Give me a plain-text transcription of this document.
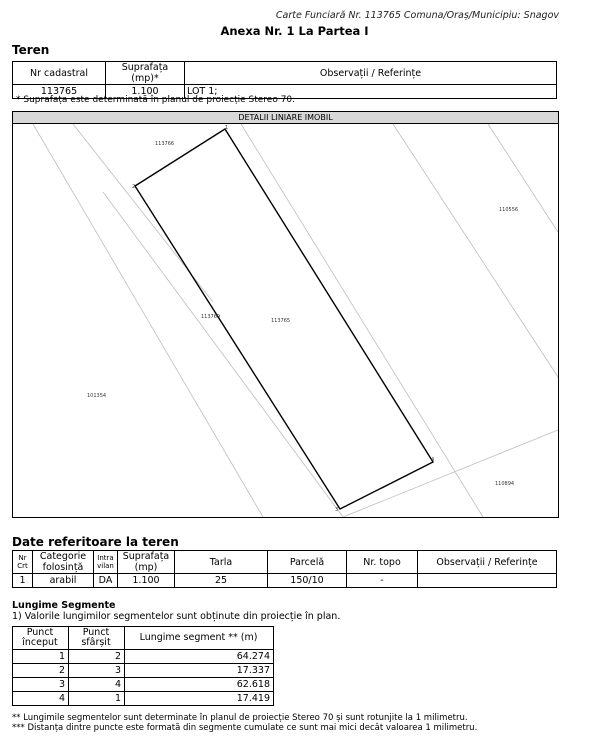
Carte Funciară Nr. 113765 Comuna/Oraș/Municipiu: Snagov
Anexa Nr. 1 La Partea I
Teren
Nr cadastral	Suprafața (mp)*	Observații / Referințe
113765	1.100	LOT 1;
* Suprafața este determinată în planul de proiecție Stereo 70.
DETALII LINIARE IMOBIL
1
2
3
4
113766
110556
113769
101354
110894
113765
Date referitoare la teren
Nr Crt	Categorie folosință	Intra vilan	Suprafața (mp)	Tarla	Parcelă	Nr. topo	Observații / Referințe
1	arabil	DA	1.100	25	150/10	-	
Lungime Segmente
1) Valorile lungimilor segmentelor sunt obținute din proiecție în plan.
Punct început	Punct sfârșit	Lungime segment ** (m)
1	2	64.274
2	3	17.337
3	4	62.618
4	1	17.419
** Lungimile segmentelor sunt determinate în planul de proiecție Stereo 70 și sunt rotunjite la 1 milimetru.
*** Distanța dintre puncte este formată din segmente cumulate ce sunt mai mici decât valoarea 1 milimetru.
